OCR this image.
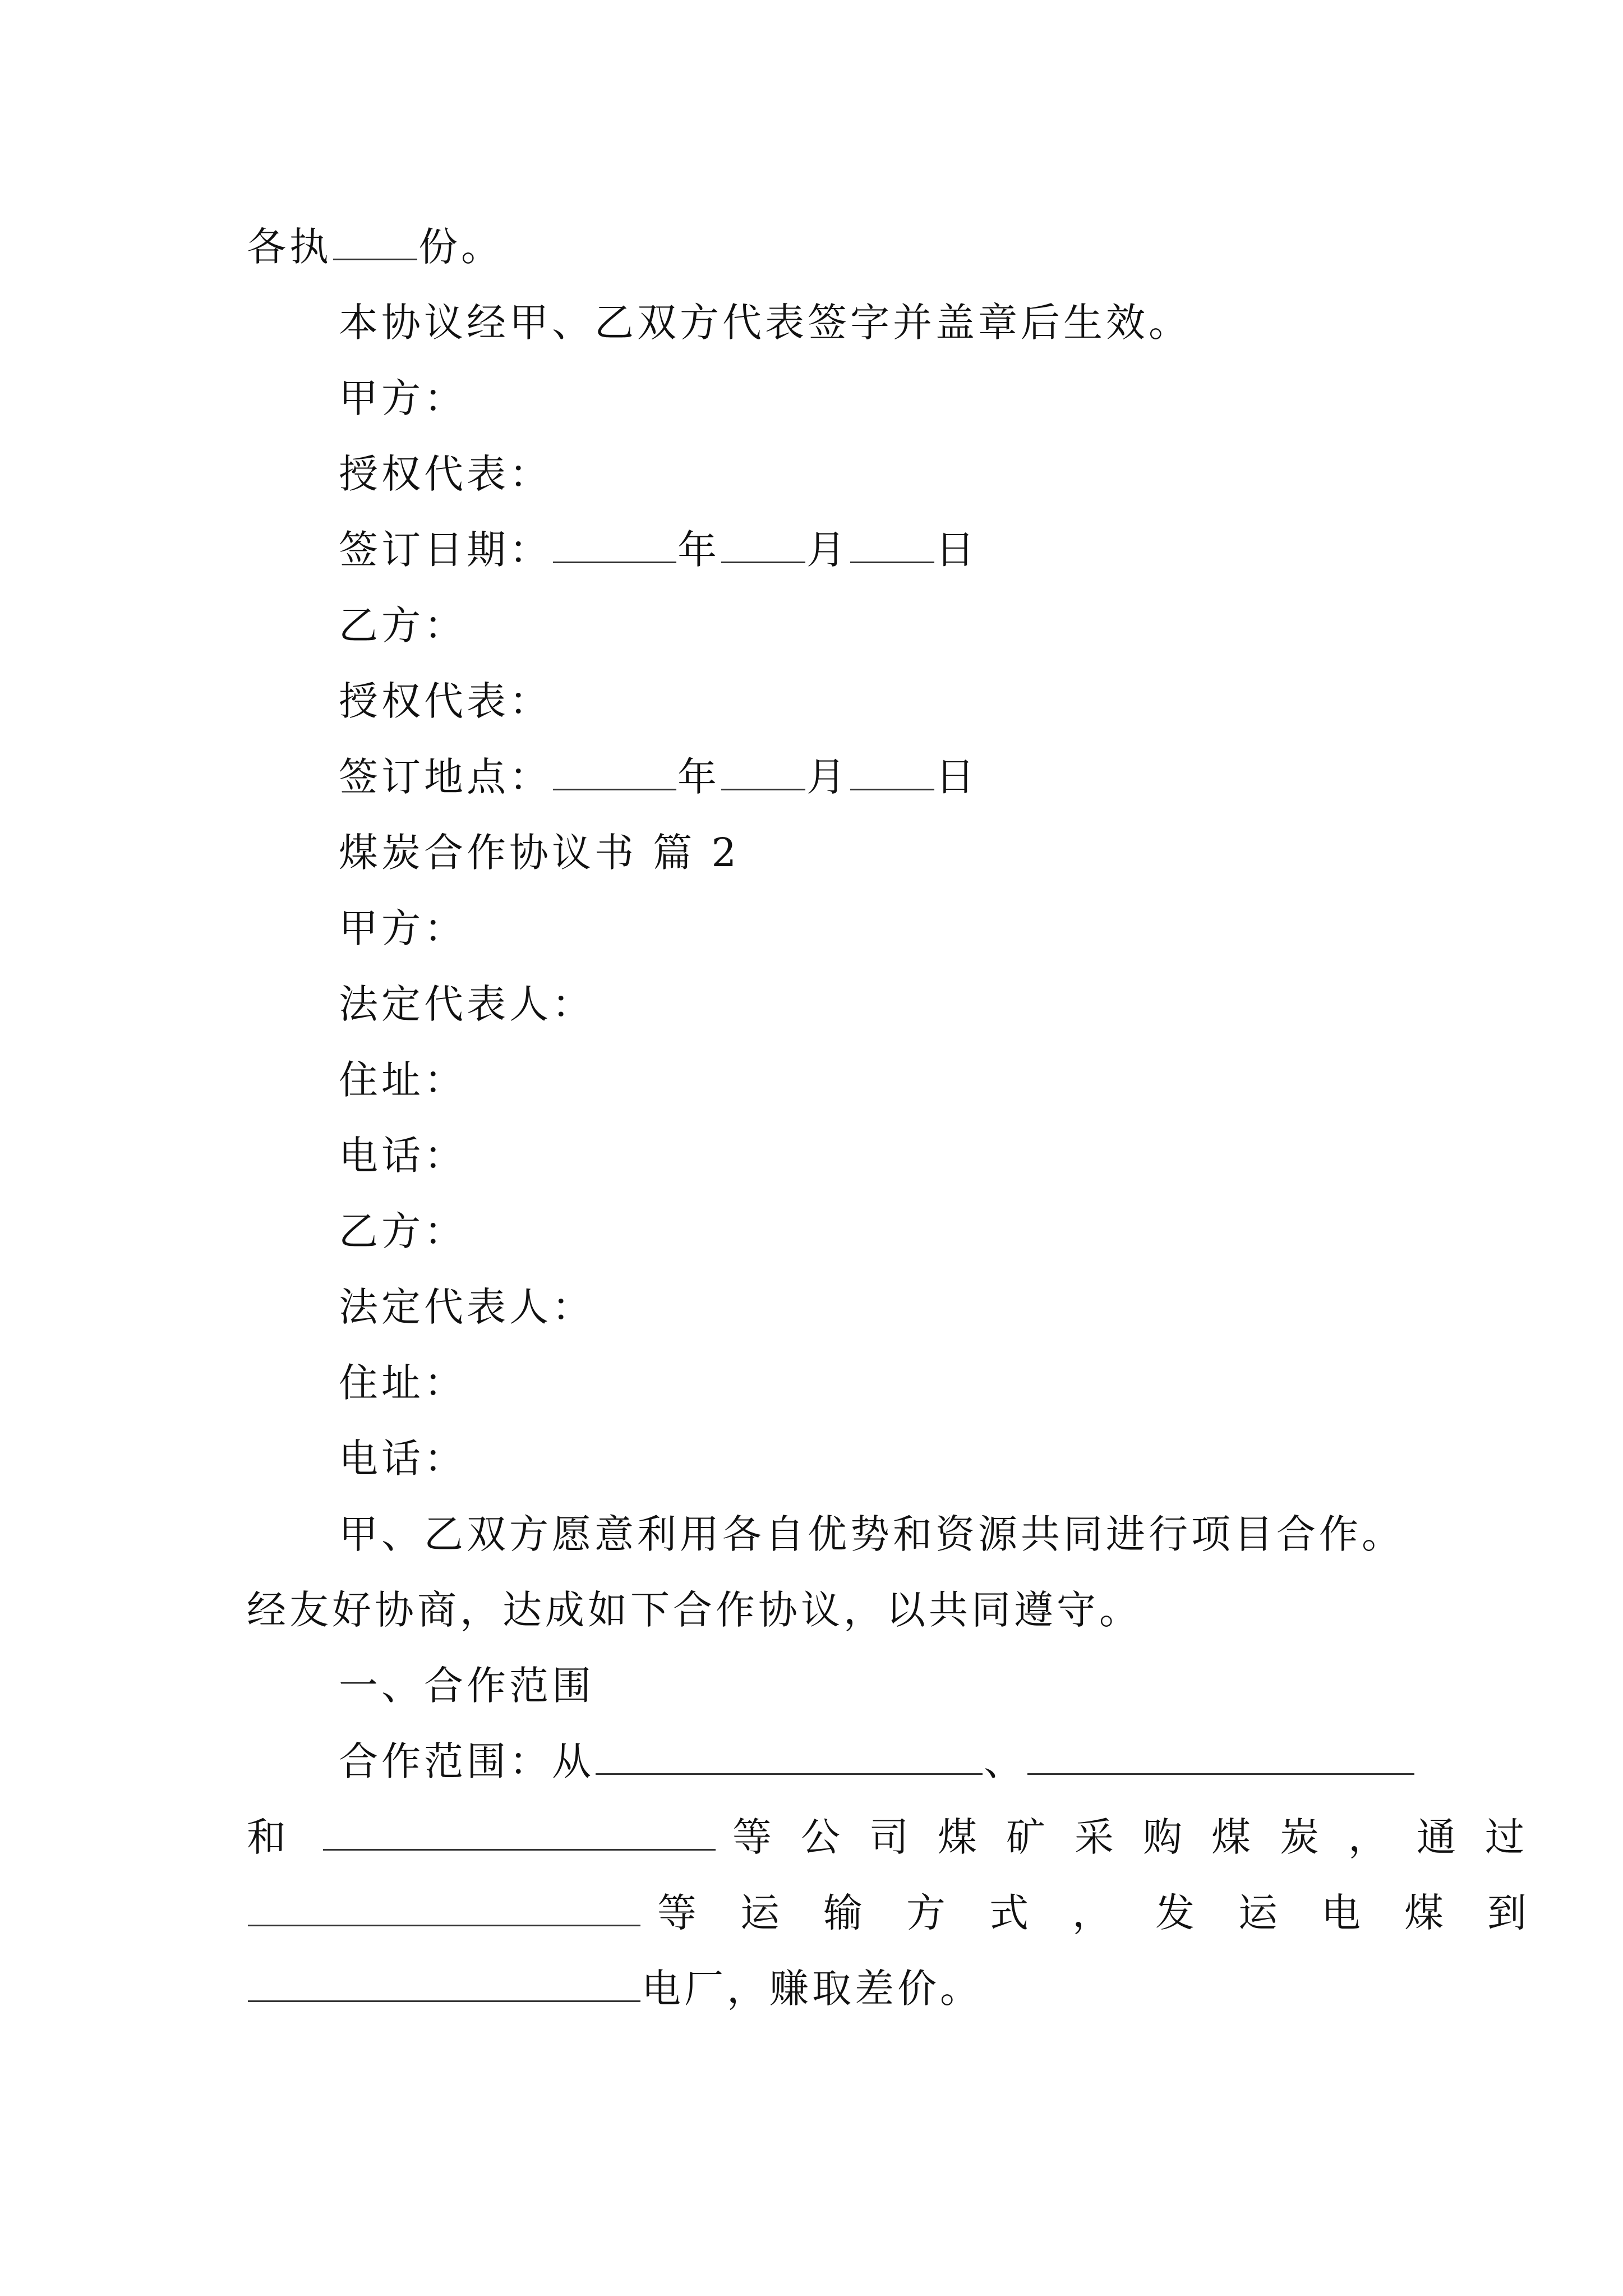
各执 份。
本协议经甲、乙双方代表签字并盖章后生效。
甲方：
授权代表：
签订日期：	年 月 日
乙方：
授权代表：
签订地点：	年 月 日
煤炭合作协议书 篇 2
甲方：
法定代表人：
住址：
电话：
乙方：
法定代表人：
住址：
电话：
甲、乙双方愿意利用各自优势和资源共同进行项目合作。
经友好协商，达成如下合作协议，以共同遵守。
一、合作范围
合作范围：从	、
和	等公司煤矿采购煤炭，通过
等运输方式，发运电煤到
电厂，赚取差价。
